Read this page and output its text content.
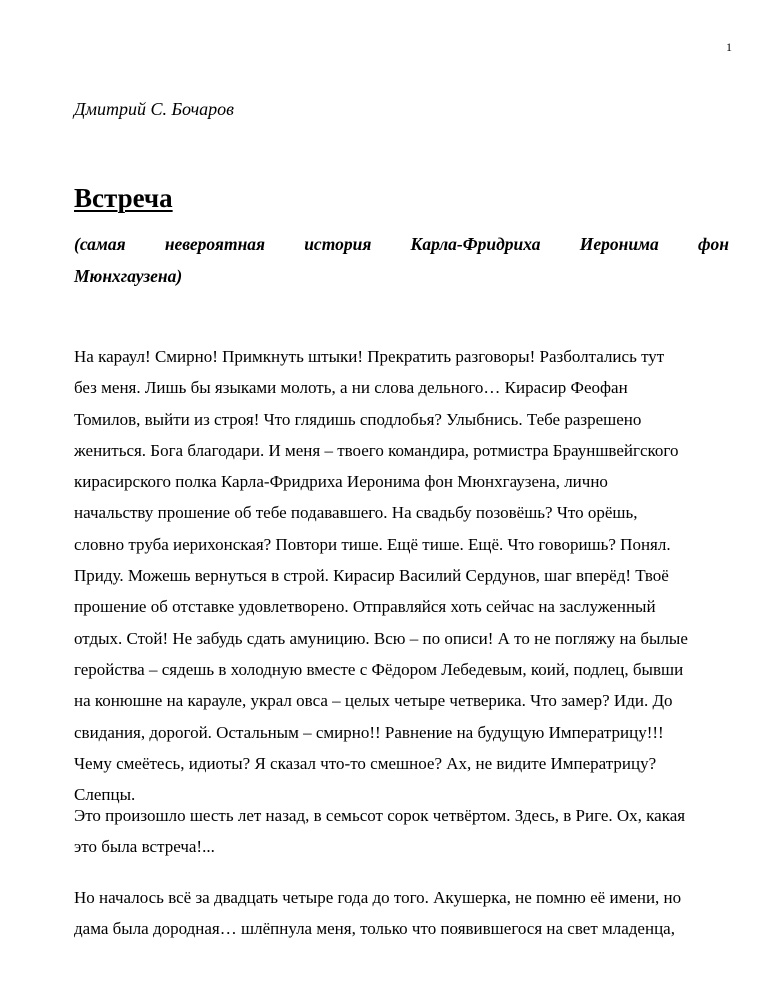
1
Дмитрий С. Бочаров
Встреча
(самая невероятная история Карла-Фридриха Иеронима фон
Мюнхгаузена)
На караул! Смирно! Примкнуть штыки! Прекратить разговоры! Разболтались тут
без меня. Лишь бы языками молоть, а ни слова дельного… Кирасир Феофан
Томилов, выйти из строя! Что глядишь сподлобья? Улыбнись. Тебе разрешено
жениться. Бога благодари. И меня – твоего командира, ротмистра Брауншвейгского
кирасирского полка Карла-Фридриха Иеронима фон Мюнхгаузена, лично
начальству прошение об тебе подававшего. На свадьбу позовёшь? Что орёшь,
словно труба иерихонская? Повтори тише. Ещё тише. Ещё. Что говоришь? Понял.
Приду. Можешь вернуться в строй. Кирасир Василий Сердунов, шаг вперёд! Твоё
прошение об отставке удовлетворено. Отправляйся хоть сейчас на заслуженный
отдых. Стой! Не забудь сдать амуницию. Всю – по описи! А то не погляжу на былые
геройства – сядешь в холодную вместе с Фёдором Лебедевым, коий, подлец, бывши
на конюшне на карауле, украл овса – целых четыре четверика. Что замер? Иди. До
свидания, дорогой. Остальным – смирно!! Равнение на будущую Императрицу!!!
Чему смеётесь, идиоты? Я сказал что-то смешное? Ах, не видите Императрицу?
Слепцы.
Это произошло шесть лет назад, в семьсот сорок четвёртом. Здесь, в Риге. Ох, какая
это была встреча!...
Но началось всё за двадцать четыре года до того. Акушерка, не помню её имени, но
дама была дородная… шлёпнула меня, только что появившегося на свет младенца,
